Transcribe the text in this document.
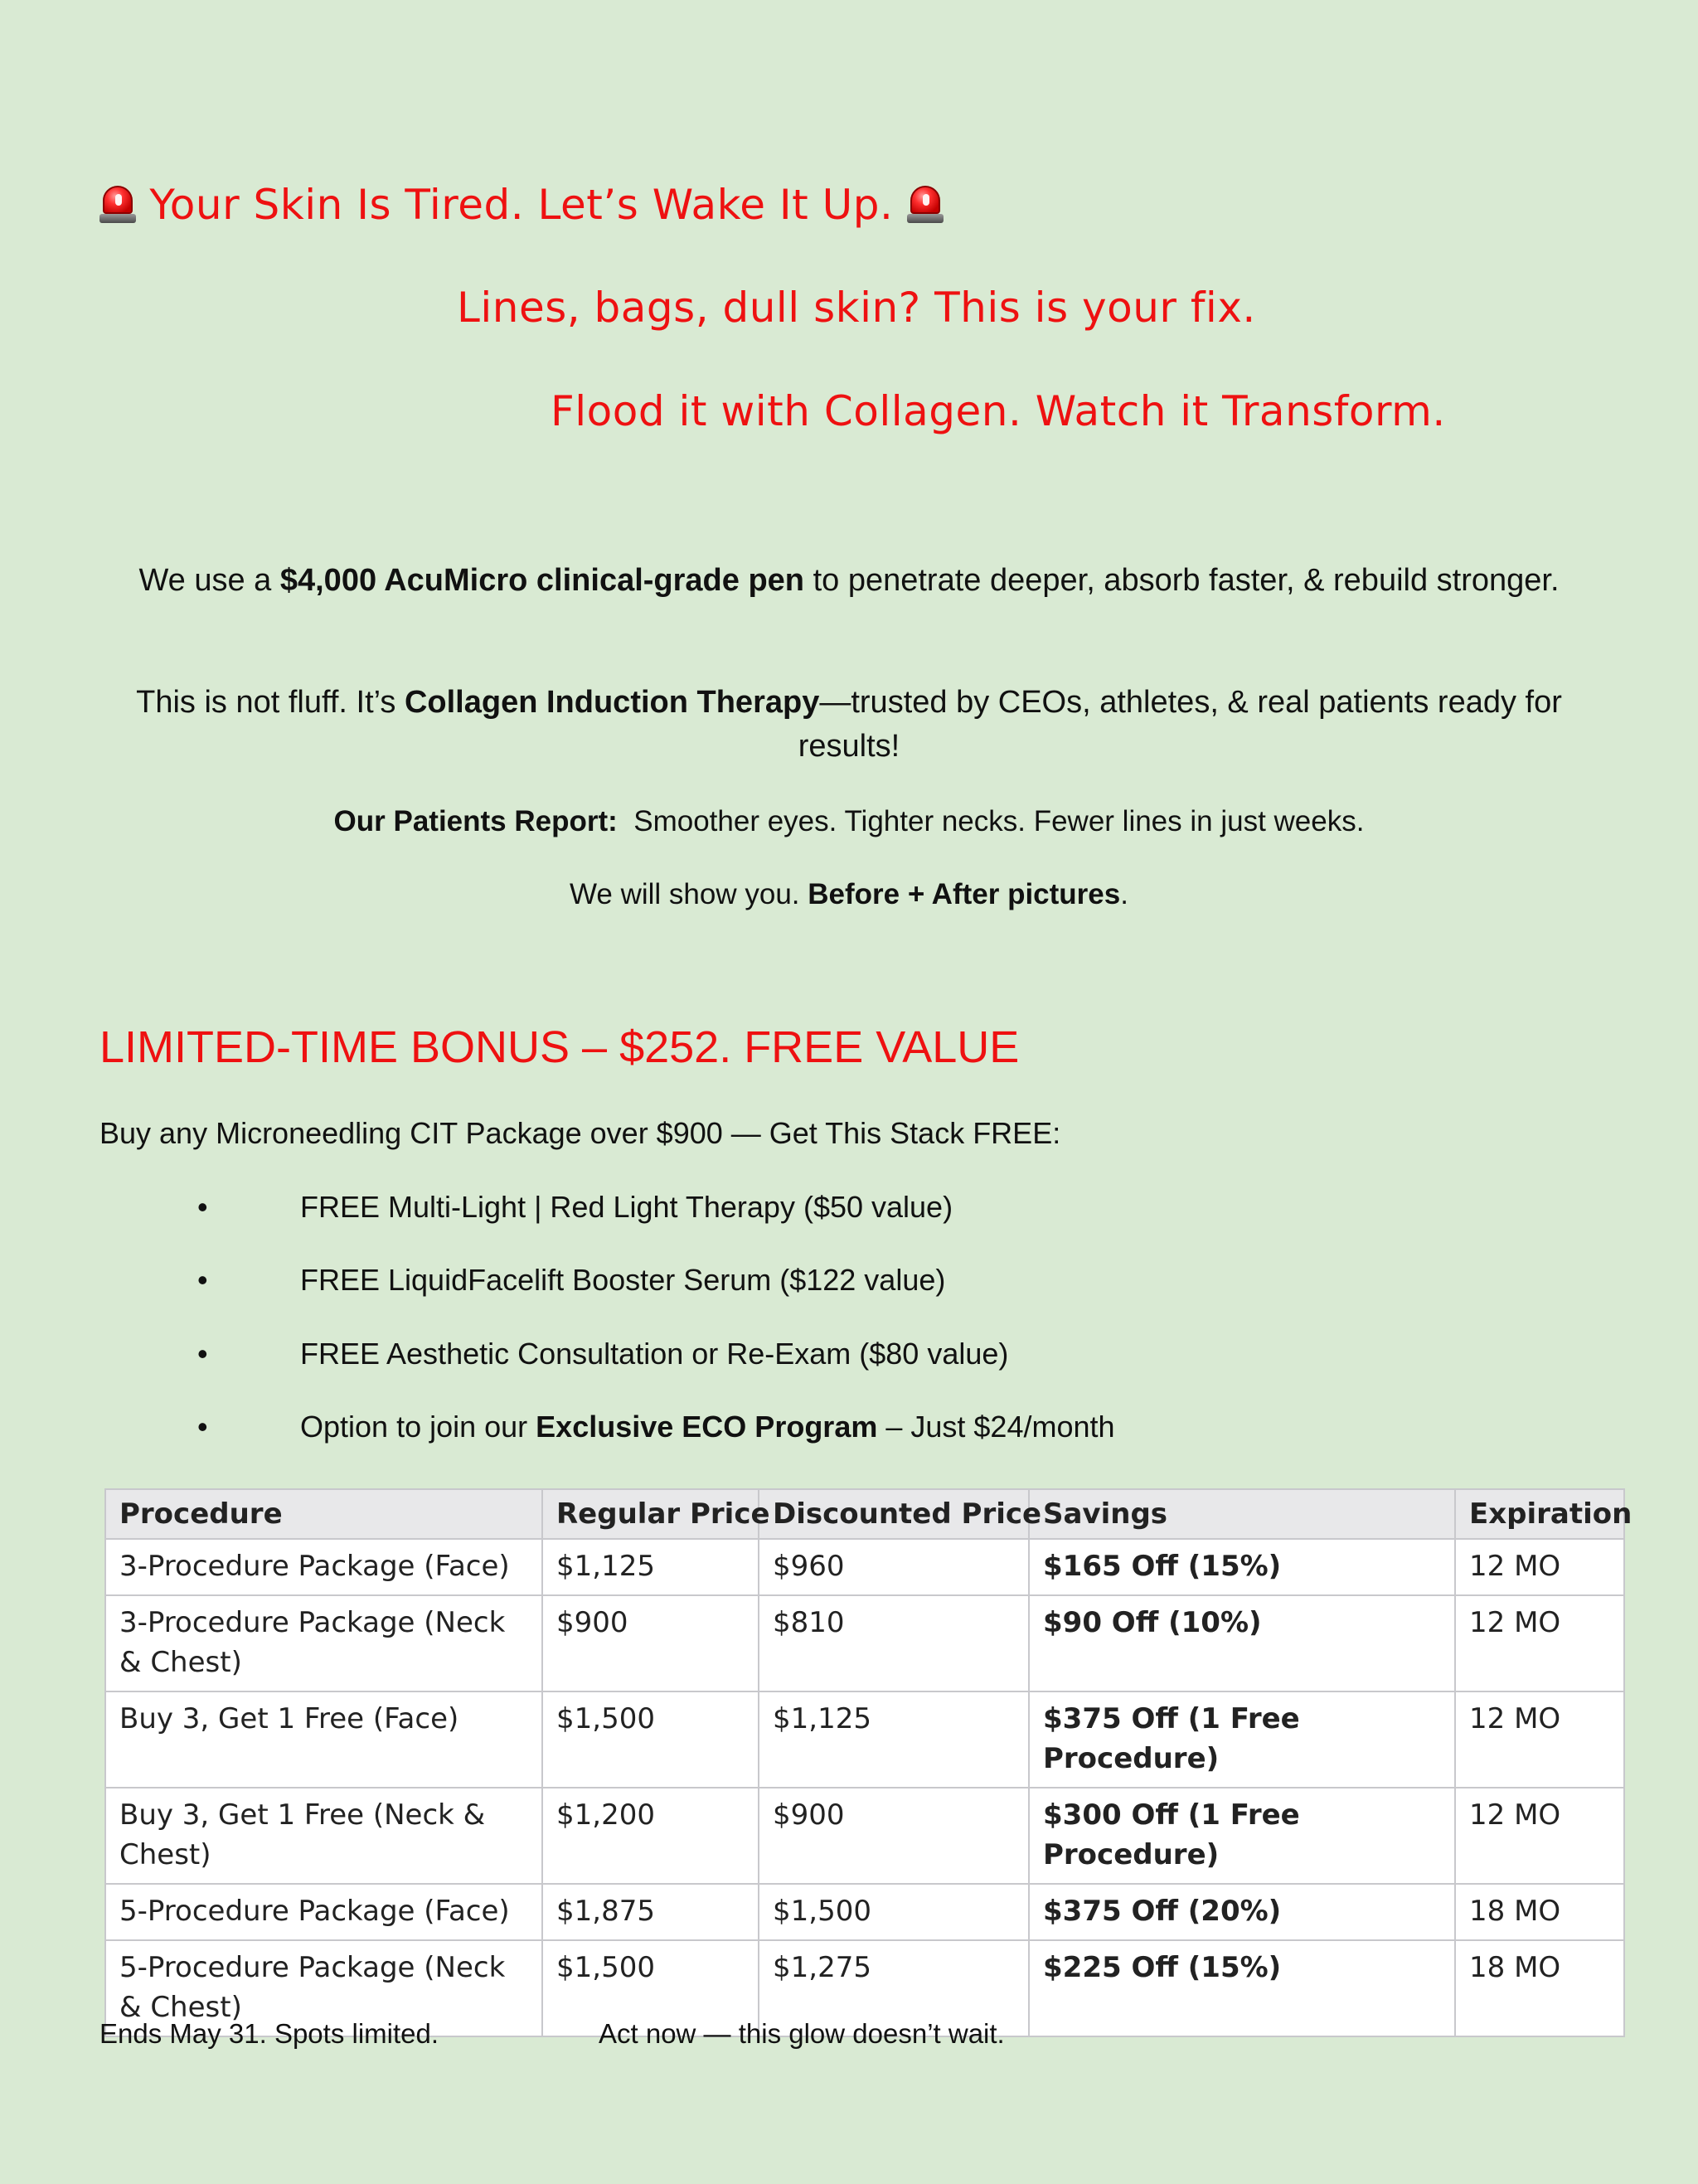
Your Skin Is Tired. Let’s Wake It Up.
Lines, bags, dull skin? This is your fix.
Flood it with Collagen. Watch it Transform.
We use a $4,000 AcuMicro clinical-grade pen to penetrate deeper, absorb faster, & rebuild stronger.
This is not fluff. It’s Collagen Induction Therapy—trusted by CEOs, athletes, & real patients ready for results!
Our Patients Report: Smoother eyes. Tighter necks. Fewer lines in just weeks.
We will show you. Before + After pictures.
LIMITED-TIME BONUS – $252. FREE VALUE
Buy any Microneedling CIT Package over $900 — Get This Stack FREE:
•	FREE Multi-Light | Red Light Therapy ($50 value)
•	FREE LiquidFacelift Booster Serum ($122 value)
•	FREE Aesthetic Consultation or Re-Exam ($80 value)
•	Option to join our Exclusive ECO Program – Just $24/month
Procedure	Regular Price	Discounted Price	Savings	Expiration
3-Procedure Package (Face)	$1,125	$960	$165 Off (15%)	12 MO
3-Procedure Package (Neck & Chest)	$900	$810	$90 Off (10%)	12 MO
Buy 3, Get 1 Free (Face)	$1,500	$1,125	$375 Off (1 Free Procedure)	12 MO
Buy 3, Get 1 Free (Neck & Chest)	$1,200	$900	$300 Off (1 Free Procedure)	12 MO
5-Procedure Package (Face)	$1,875	$1,500	$375 Off (20%)	18 MO
5-Procedure Package (Neck & Chest)	$1,500	$1,275	$225 Off (15%)	18 MO
Ends May 31. Spots limited.	Act now — this glow doesn’t wait.
